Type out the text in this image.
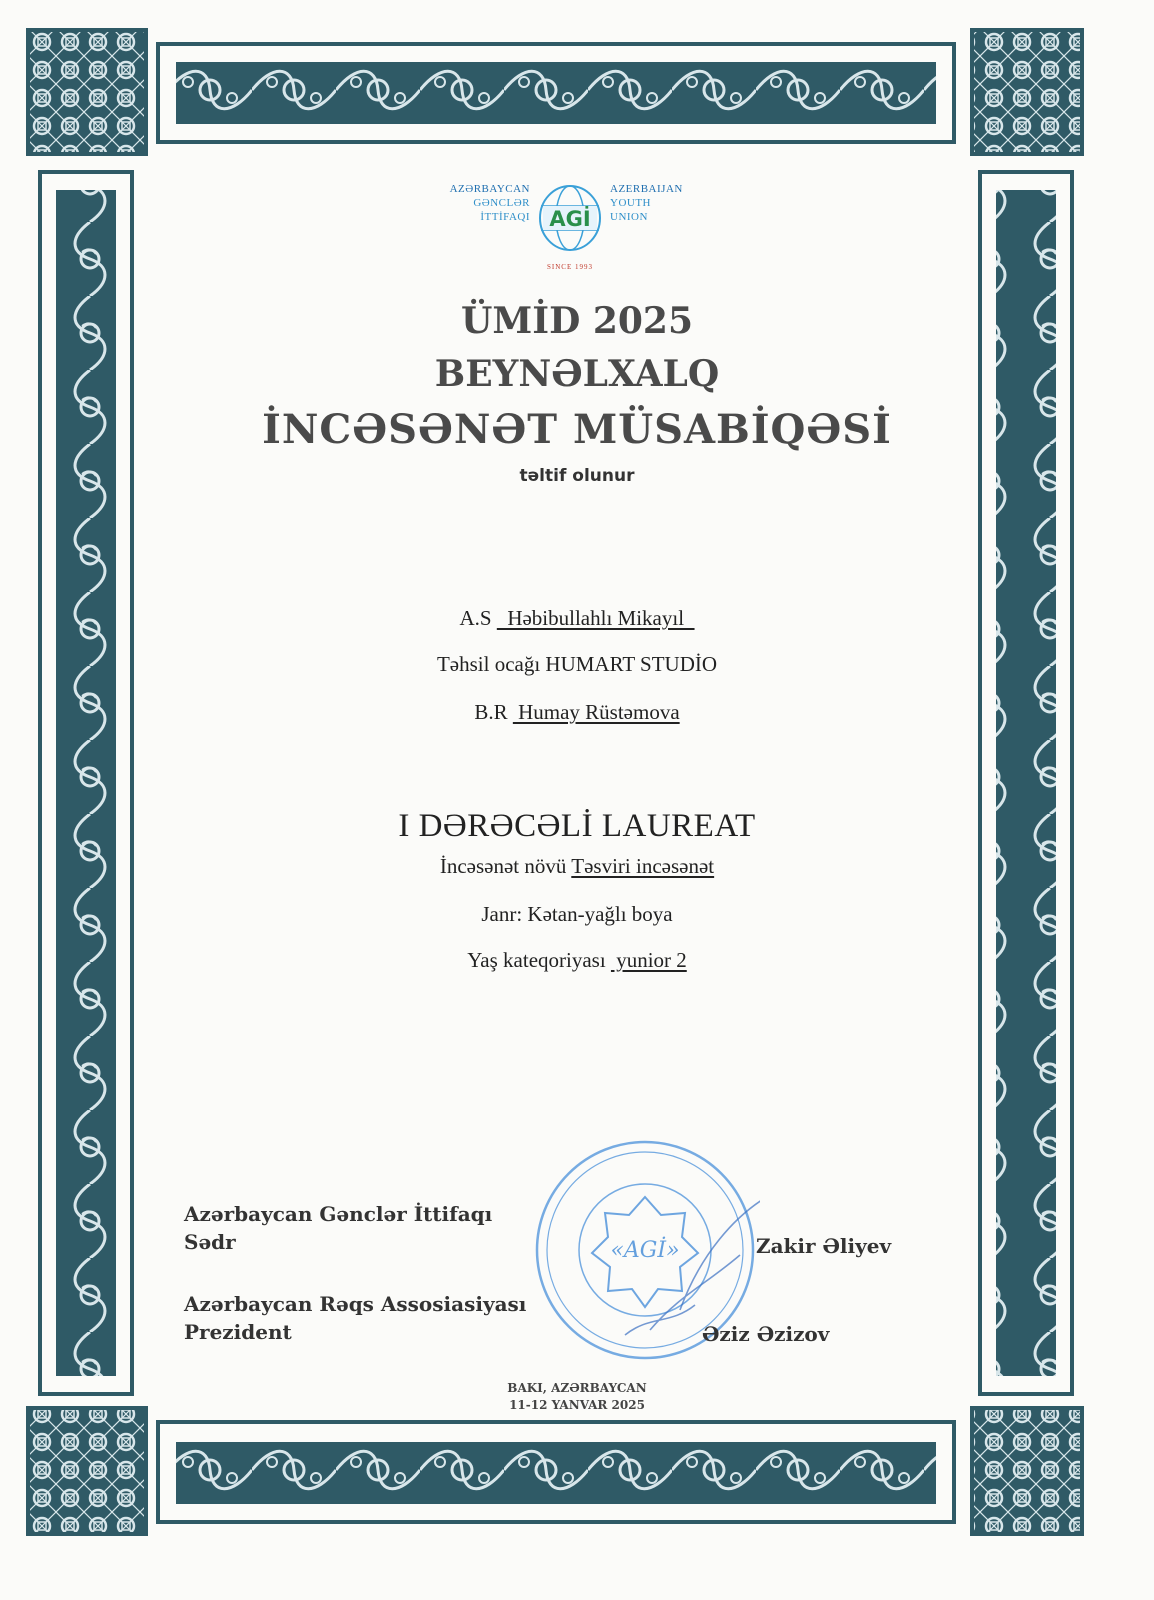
AZƏRBAYCAN
GƏNCLƏR
İTTİFAQI AGİ
AZERBAIJAN
YOUTH
UNION
SINCE 1993
ÜMİD 2025
BEYNƏLXALQ
İNCƏSƏNƏT MÜSABİQƏSİ
təltif olunur
A.S   Həbibullahlı Mikayıl
Təhsil ocağı HUMART STUDİO
B.R  Humay Rüstəmova
I DƏRƏCƏLİ LAUREAT
İncəsənət növü Təsviri incəsənət
Janr: Kətan-yağlı boya
Yaş kateqoriyası  yunior 2
«AGİ»
Azərbaycan Gənclər İttifaqı
Sədr	Zakir Əliyev
Azərbaycan Rəqs Assosiasiyası
Prezident	Əziz Əzizov
BAKI, AZƏRBAYCAN
11-12 YANVAR 2025
